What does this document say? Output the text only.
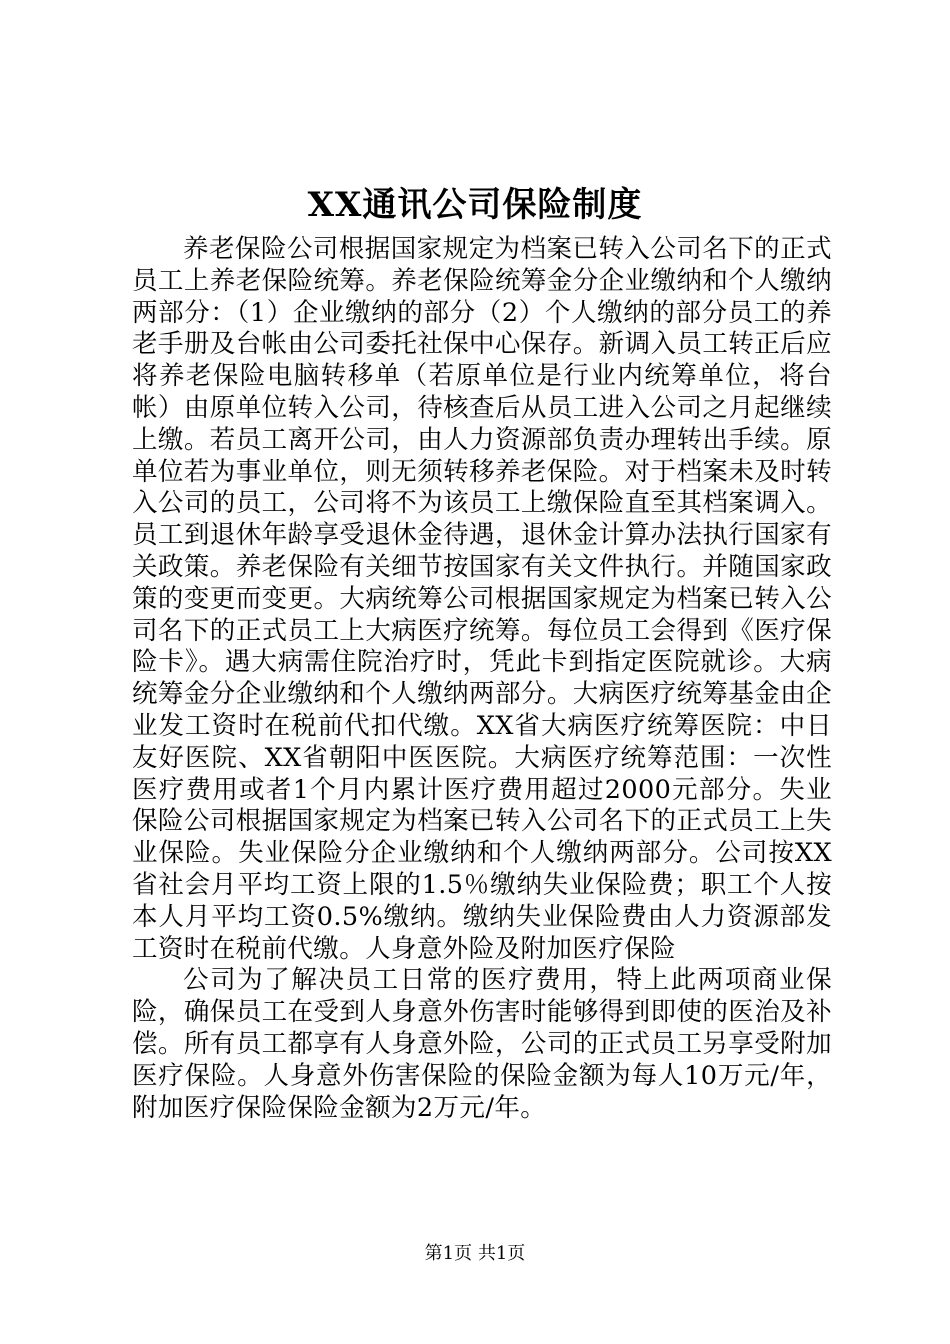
XX通讯公司保险制度

养老保险公司根据国家规定为档案已转入公司名下的正式员工上养老保险统筹。养老保险统筹金分企业缴纳和个人缴纳两部分：（1）企业缴纳的部分（2）个人缴纳的部分员工的养老手册及台帐由公司委托社保中心保存。新调入员工转正后应将养老保险电脑转移单（若原单位是行业内统筹单位，将台帐）由原单位转入公司，待核查后从员工进入公司之月起继续上缴。若员工离开公司，由人力资源部负责办理转出手续。原单位若为事业单位，则无须转移养老保险。对于档案未及时转入公司的员工，公司将不为该员工上缴保险直至其档案调入。员工到退休年龄享受退休金待遇，退休金计算办法执行国家有关政策。养老保险有关细节按国家有关文件执行。并随国家政策的变更而变更。大病统筹公司根据国家规定为档案已转入公司名下的正式员工上大病医疗统筹。每位员工会得到《医疗保险卡》。遇大病需住院治疗时，凭此卡到指定医院就诊。大病统筹金分企业缴纳和个人缴纳两部分。大病医疗统筹基金由企业发工资时在税前代扣代缴。XX省大病医疗统筹医院：中日友好医院、XX省朝阳中医医院。大病医疗统筹范围：一次性医疗费用或者1个月内累计医疗费用超过2000元部分。失业保险公司根据国家规定为档案已转入公司名下的正式员工上失业保险。失业保险分企业缴纳和个人缴纳两部分。公司按XX省社会月平均工资上限的1.5％缴纳失业保险费；职工个人按本人月平均工资0.5%缴纳。缴纳失业保险费由人力资源部发工资时在税前代缴。人身意外险及附加医疗保险

公司为了解决员工日常的医疗费用，特上此两项商业保险，确保员工在受到人身意外伤害时能够得到即使的医治及补偿。所有员工都享有人身意外险，公司的正式员工另享受附加医疗保险。人身意外伤害保险的保险金额为每人10万元/年，附加医疗保险保险金额为2万元/年。

第1页 共1页
